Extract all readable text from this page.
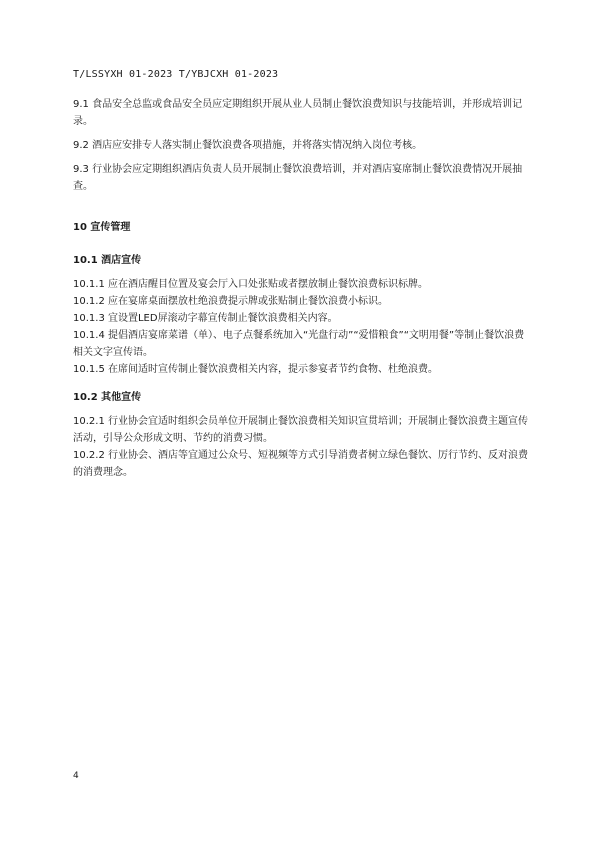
T/LSSYXH 01-2023 T/YBJCXH 01-2023

9.1 食品安全总监或食品安全员应定期组织开展从业人员制止餐饮浪费知识与技能培训，并形成培训记录。

9.2 酒店应安排专人落实制止餐饮浪费各项措施，并将落实情况纳入岗位考核。

9.3 行业协会应定期组织酒店负责人员开展制止餐饮浪费培训，并对酒店宴席制止餐饮浪费情况开展抽查。

10 宣传管理
10.1 酒店宣传

10.1.1 应在酒店醒目位置及宴会厅入口处张贴或者摆放制止餐饮浪费标识标牌。

10.1.2 应在宴席桌面摆放杜绝浪费提示牌或张贴制止餐饮浪费小标识。

10.1.3 宜设置LED屏滚动字幕宣传制止餐饮浪费相关内容。

10.1.4 提倡酒店宴席菜谱（单）、电子点餐系统加入“光盘行动”“爱惜粮食”“文明用餐”等制止餐饮浪费相关文字宣传语。

10.1.5 在席间适时宣传制止餐饮浪费相关内容，提示参宴者节约食物、杜绝浪费。

10.2 其他宣传

10.2.1 行业协会宜适时组织会员单位开展制止餐饮浪费相关知识宣贯培训；开展制止餐饮浪费主题宣传活动，引导公众形成文明、节约的消费习惯。

10.2.2 行业协会、酒店等宜通过公众号、短视频等方式引导消费者树立绿色餐饮、厉行节约、反对浪费的消费理念。

4
